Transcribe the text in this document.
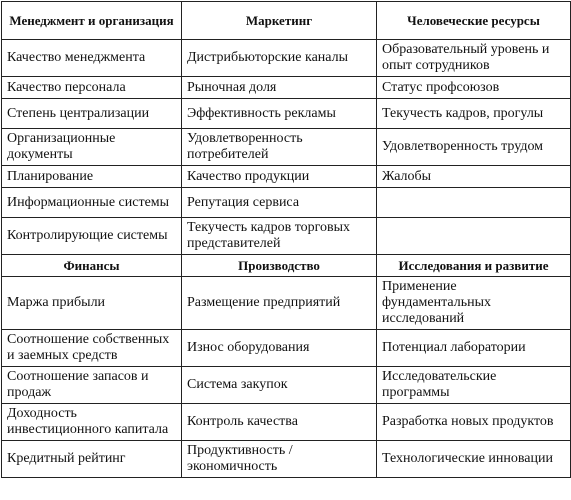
Менеджмент и организация	Маркетинг	Человеческие ресурсы
Качество менеджмента	Дистрибьюторские каналы	Образовательный уровень и опыт сотрудников
Качество персонала	Рыночная доля	Статус профсоюзов
Степень централизации	Эффективность рекламы	Текучесть кадров, прогулы
Организационные документы	Удовлетворенность потребителей	Удовлетворенность трудом
Планирование	Качество продукции	Жалобы
Информационные системы	Репутация сервиса	
Контролирующие системы	Текучесть кадров торговых представителей	
Финансы	Производство	Исследования и развитие
Маржа прибыли	Размещение предприятий	Применение фундаментальных исследований
Соотношение собственных и заемных средств	Износ оборудования	Потенциал лаборатории
Соотношение запасов и продаж	Система закупок	Исследовательские программы
Доходность инвестиционного капитала	Контроль качества	Разработка новых продуктов
Кредитный рейтинг	Продуктивность / экономичность	Технологические инновации
